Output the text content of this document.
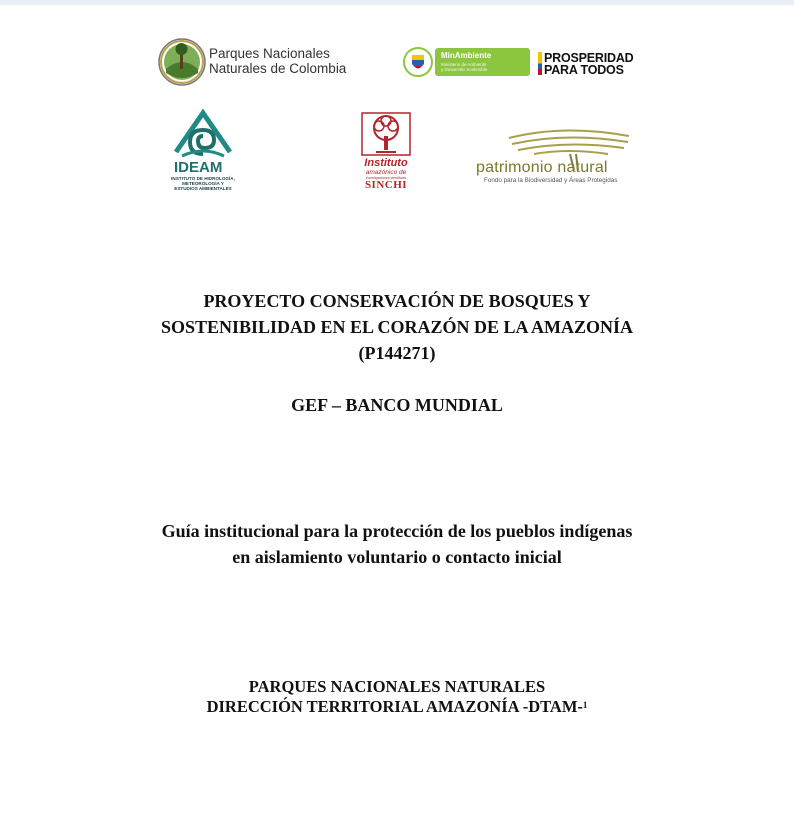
Parques Nacionales
Naturales de Colombia
MinAmbiente
Ministerio de Ambiente
y Desarrollo Sostenible
PROSPERIDAD
PARA TODOS
IDEAM
INSTITUTO DE HIDROLOGÍA,
METEOROLOGÍA Y
ESTUDIOS AMBIENTALES
Instituto
amazónico de
investigaciones científicas
SINCHI
patrimonio natural
Fondo para la Biodiversidad y Áreas Protegidas
PROYECTO CONSERVACIÓN DE BOSQUES Y
SOSTENIBILIDAD EN EL CORAZÓN DE LA AMAZONÍA
(P144271)
GEF – BANCO MUNDIAL
Guía institucional para la protección de los pueblos indígenas
en aislamiento voluntario o contacto inicial
PARQUES NACIONALES NATURALES
DIRECCIÓN TERRITORIAL AMAZONÍA -DTAM-$^1$
